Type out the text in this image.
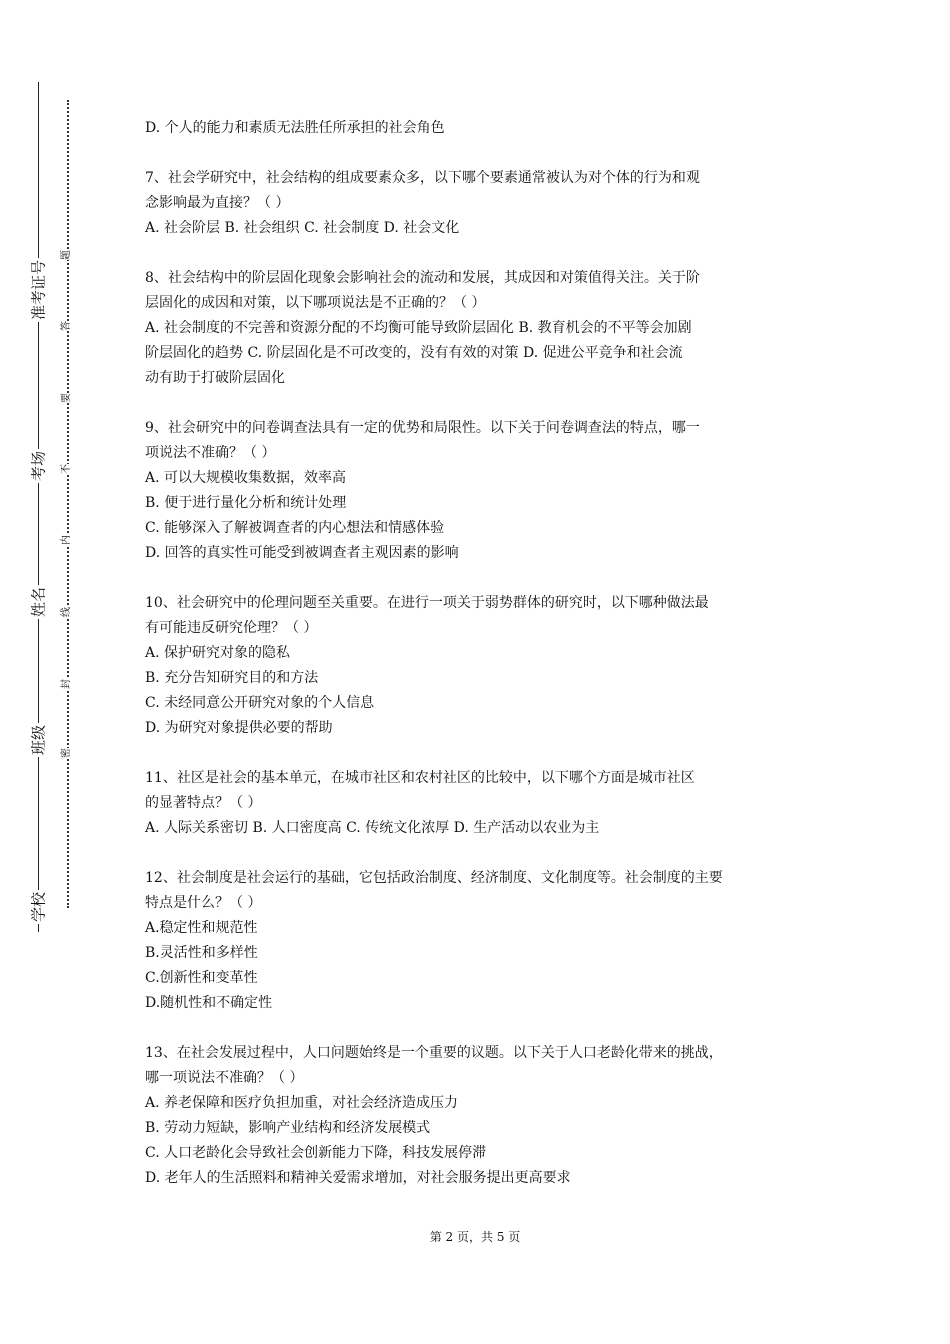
准考证号
考场
姓名
班级
学校
题
答
要
不
内
线
封
密

D. 个人的能力和素质无法胜任所承担的社会角色

7、社会学研究中，社会结构的组成要素众多，以下哪个要素通常被认为对个体的行为和观

念影响最为直接？（ ）

A. 社会阶层 B. 社会组织 C. 社会制度 D. 社会文化

8、社会结构中的阶层固化现象会影响社会的流动和发展，其成因和对策值得关注。关于阶

层固化的成因和对策，以下哪项说法是不正确的？（ ）

A. 社会制度的不完善和资源分配的不均衡可能导致阶层固化 B. 教育机会的不平等会加剧

阶层固化的趋势 C. 阶层固化是不可改变的，没有有效的对策 D. 促进公平竞争和社会流

动有助于打破阶层固化

9、社会研究中的问卷调查法具有一定的优势和局限性。以下关于问卷调查法的特点，哪一

项说法不准确？（ ）

A. 可以大规模收集数据，效率高

B. 便于进行量化分析和统计处理

C. 能够深入了解被调查者的内心想法和情感体验

D. 回答的真实性可能受到被调查者主观因素的影响

10、社会研究中的伦理问题至关重要。在进行一项关于弱势群体的研究时，以下哪种做法最

有可能违反研究伦理？（ ）

A. 保护研究对象的隐私

B. 充分告知研究目的和方法

C. 未经同意公开研究对象的个人信息

D. 为研究对象提供必要的帮助

11、社区是社会的基本单元，在城市社区和农村社区的比较中，以下哪个方面是城市社区

的显著特点？（ ）

A. 人际关系密切 B. 人口密度高 C. 传统文化浓厚 D. 生产活动以农业为主

12、社会制度是社会运行的基础，它包括政治制度、经济制度、文化制度等。社会制度的主要

特点是什么？（ ）

A.稳定性和规范性

B.灵活性和多样性

C.创新性和变革性

D.随机性和不确定性

13、在社会发展过程中，人口问题始终是一个重要的议题。以下关于人口老龄化带来的挑战，

哪一项说法不准确？（ ）

A. 养老保障和医疗负担加重，对社会经济造成压力

B. 劳动力短缺，影响产业结构和经济发展模式

C. 人口老龄化会导致社会创新能力下降，科技发展停滞

D. 老年人的生活照料和精神关爱需求增加，对社会服务提出更高要求

第 2 页，共 5 页
